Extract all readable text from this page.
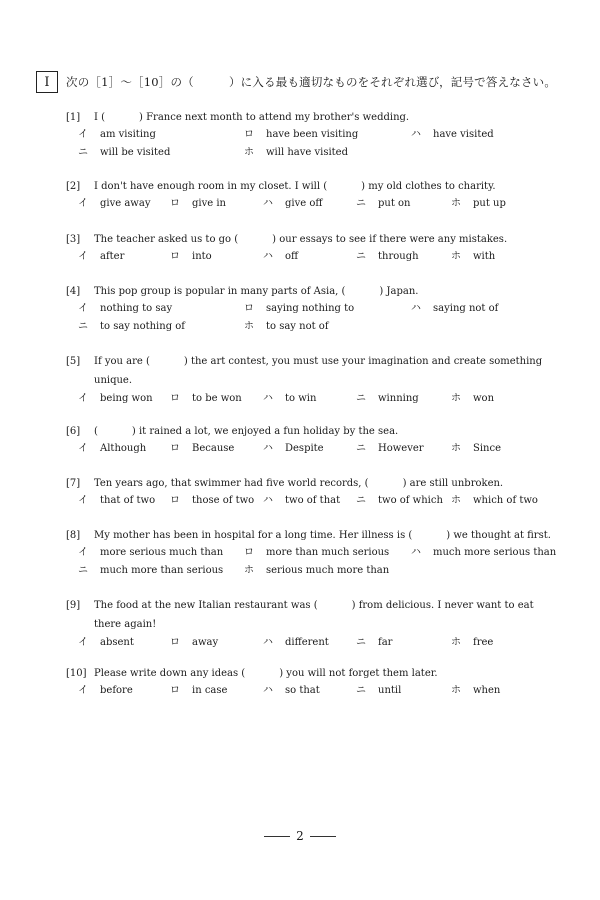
I	次の［1］～［10］の（　　　）に入る最も適切なものをそれぞれ選び，記号で答えなさい。
[1] I (	) France next month to attend my brother's wedding.
イ am visiting	ロ have been visiting	ハ have visited
ニ will be visited	ホ will have visited
[2] I don't have enough room in my closet. I will (	) my old clothes to charity.
イ give away ロ give in	ハ give off	ニ put on	ホ put up
[3] The teacher asked us to go (	) our essays to see if there were any mistakes.
イ after	ロ into	ハ off	ニ through	ホ with
[4] This pop group is popular in many parts of Asia, (	) Japan.
イ nothing to say	ロ saying nothing to	ハ saying not of
ニ to say nothing of	ホ to say not of
[5] If you are (	) the art contest, you must use your imagination and create something unique.
イ being won ロ to be won ハ to win	ニ winning	ホ won
[6] (	) it rained a lot, we enjoyed a fun holiday by the sea.
イ Although ロ Because	ハ Despite	ニ However	ホ Since
[7] Ten years ago, that swimmer had five world records, (	) are still unbroken.
イ that of two ロ those of two ハ two of that ニ two of which ホ which of two
[8] My mother has been in hospital for a long time. Her illness is (	) we thought at first.
イ more serious much than ロ more than much serious ハ much more serious than
ニ much more than serious ホ serious much more than
[9] The food at the new Italian restaurant was (	) from delicious. I never want to eat there again!
イ absent	ロ away	ハ different	ニ far	ホ free
[10] Please write down any ideas (	) you will not forget them later.
イ before	ロ in case	ハ so that	ニ until	ホ when
2
